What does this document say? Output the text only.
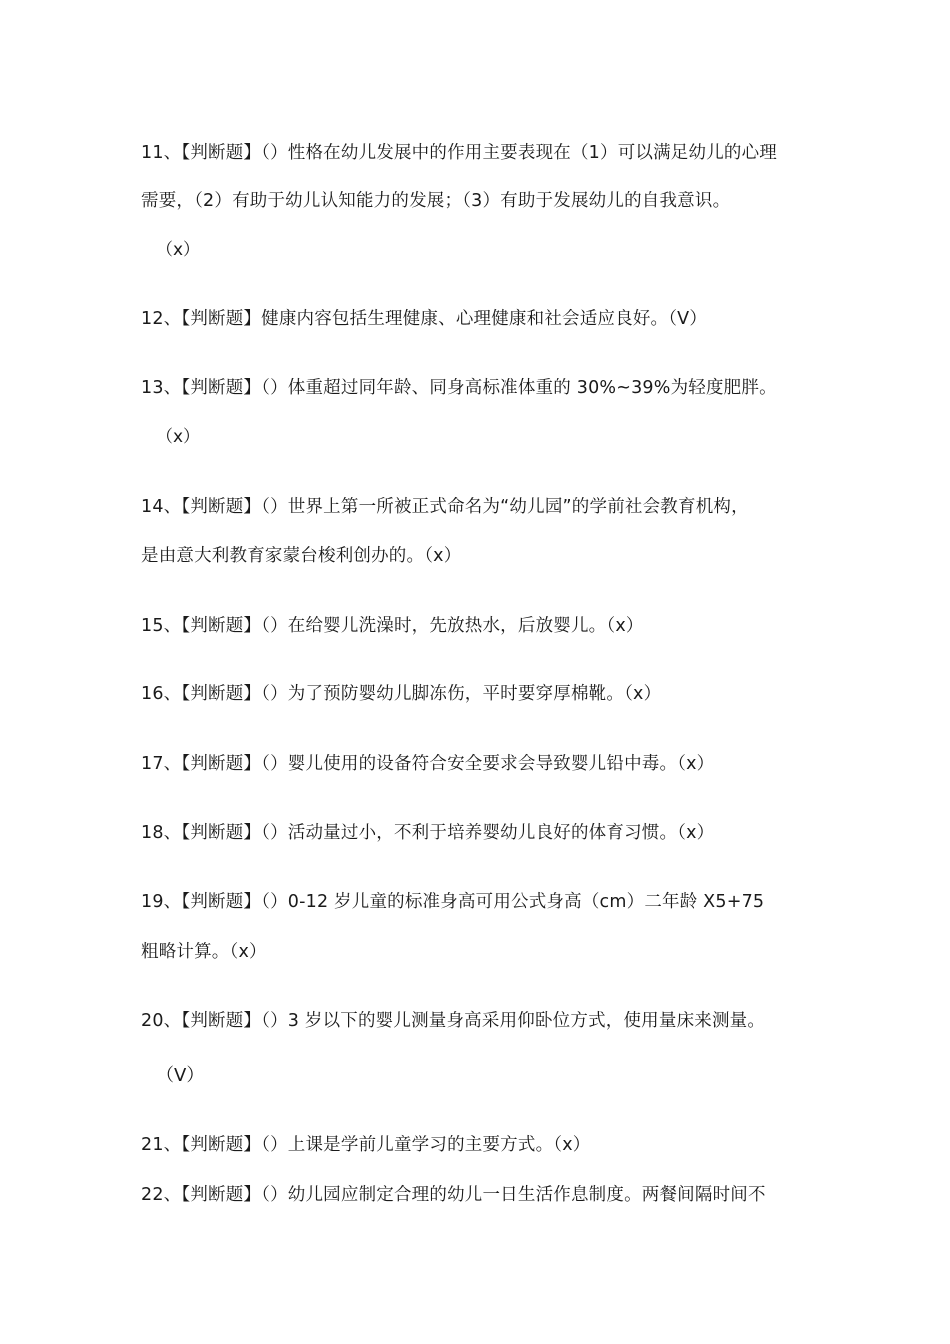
11、【判断题】（）性格在幼儿发展中的作用主要表现在（1）可以满足幼儿的心理
需要，（2）有助于幼儿认知能力的发展；（3）有助于发展幼儿的自我意识。
（x）
12、【判断题】健康内容包括生理健康、心理健康和社会适应良好。（V）
13、【判断题】（）体重超过同年龄、同身高标准体重的 30%~39%为轻度肥胖。
（x）
14、【判断题】（）世界上第一所被正式命名为“幼儿园”的学前社会教育机构，
是由意大利教育家蒙台梭利创办的。（x）
15、【判断题】（）在给婴儿洗澡时，先放热水，后放婴儿。（x）
16、【判断题】（）为了预防婴幼儿脚冻伤，平时要穿厚棉靴。（x）
17、【判断题】（）婴儿使用的设备符合安全要求会导致婴儿铅中毒。（x）
18、【判断题】（）活动量过小，不利于培养婴幼儿良好的体育习惯。（x）
19、【判断题】（）0-12 岁儿童的标准身高可用公式身高（cm）二年龄 X5+75
粗略计算。（x）
20、【判断题】（）3 岁以下的婴儿测量身高采用仰卧位方式，使用量床来测量。
（V）
21、【判断题】（）上课是学前儿童学习的主要方式。（x）
22、【判断题】（）幼儿园应制定合理的幼儿一日生活作息制度。两餐间隔时间不
